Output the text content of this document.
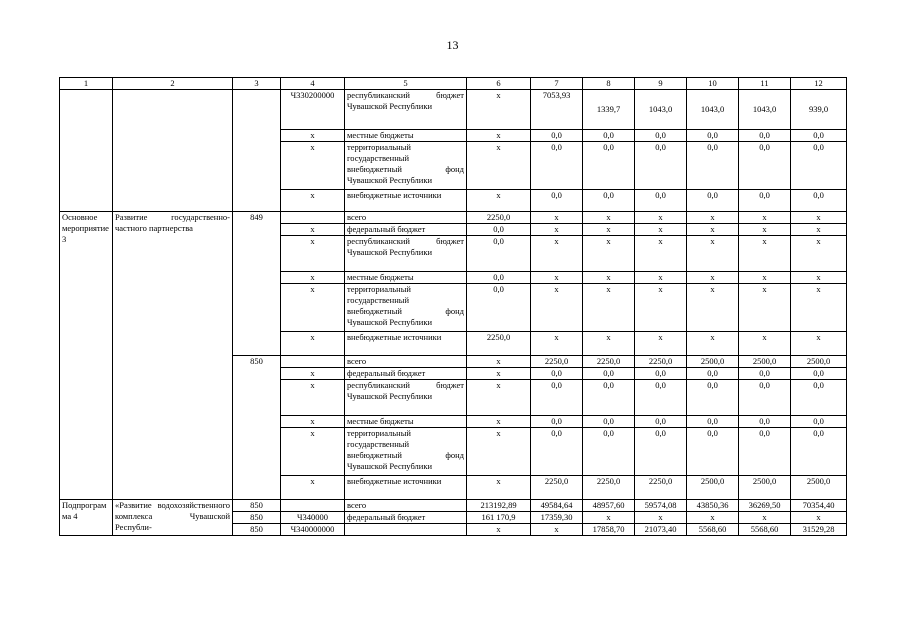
13
1	2	3	4	5	6	7	8	9	10	11	12
			Ч330200000	республиканский бюджет Чувашской Республики	х	7053,93	1339,7	1043,0	1043,0	1043,0	939,0
			х	местные бюджеты	х	0,0	0,0	0,0	0,0	0,0	0,0
			х	территориальный государственный внебюджетный фонд Чувашской Республики	х	0,0	0,0	0,0	0,0	0,0	0,0
			х	внебюджетные источники	х	0,0	0,0	0,0	0,0	0,0	0,0
Основное мероприятие 3	Развитие государственно-частного партнерства	849		всего	2250,0	х	х	х	х	х	х
			х	федеральный бюджет	0,0	х	х	х	х	х	х
			х	республиканский бюджет Чувашской Республики	0,0	х	х	х	х	х	х
			х	местные бюджеты	0,0	х	х	х	х	х	х
			х	территориальный государственный внебюджетный фонд Чувашской Республики	0,0	х	х	х	х	х	х
			х	внебюджетные источники	2250,0	х	х	х	х	х	х
		850		всего	х	2250,0	2250,0	2250,0	2500,0	2500,0	2500,0
			х	федеральный бюджет	х	0,0	0,0	0,0	0,0	0,0	0,0
			х	республиканский бюджет Чувашской Республики	х	0,0	0,0	0,0	0,0	0,0	0,0
			х	местные бюджеты	х	0,0	0,0	0,0	0,0	0,0	0,0
			х	территориальный государственный внебюджетный фонд Чувашской Республики	х	0,0	0,0	0,0	0,0	0,0	0,0
			х	внебюджетные источники	х	2250,0	2250,0	2250,0	2500,0	2500,0	2500,0
Подпрограмма 4	«Развитие водохозяйственного комплекса Чувашской Республи-	850		всего	213192,89	49584,64	48957,60	59574,08	43850,36	36269,50	70354,40
		850	Ч340000	федеральный бюджет	161 170,9	17359,30	х	х	х	х	х
		850	Ч340000000		х	х	17858,70	21073,40	5568,60	5568,60	31529,28
